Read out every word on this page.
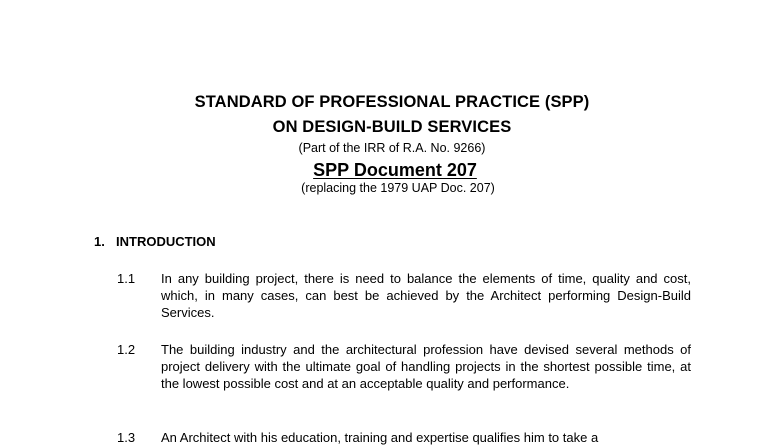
STANDARD OF PROFESSIONAL PRACTICE (SPP)
ON DESIGN-BUILD SERVICES
(Part of the IRR of R.A. No. 9266)
SPP Document 207
(replacing the 1979 UAP Doc. 207)
1. INTRODUCTION
1.1 In any building project, there is need to balance the elements of time, quality and cost, which, in many cases, can best be achieved by the Architect performing Design-Build Services.
1.2 The building industry and the architectural profession have devised several methods of project delivery with the ultimate goal of handling projects in the shortest possible time, at the lowest possible cost and at an acceptable quality and performance.
1.3 An Architect with his education, training and expertise qualifies him to take a
